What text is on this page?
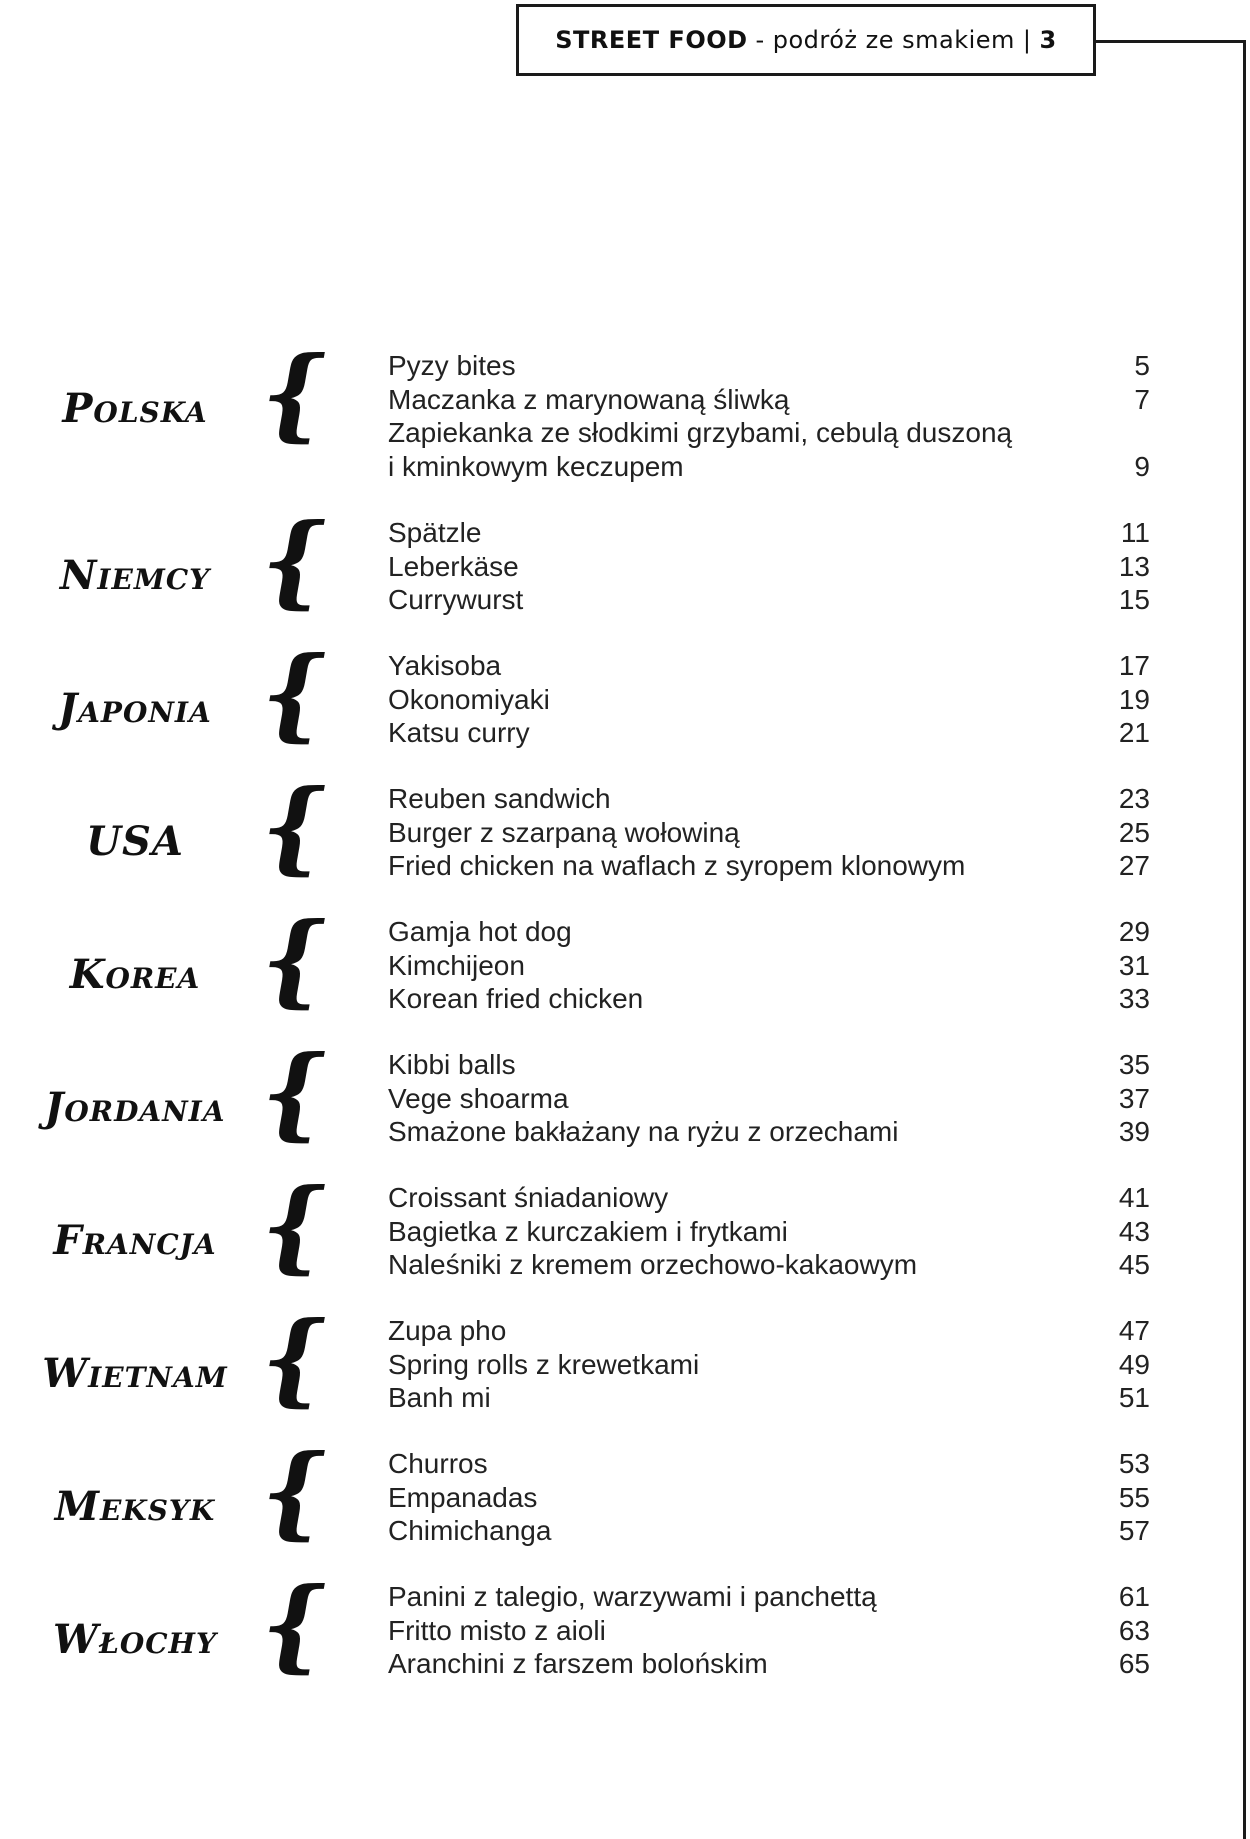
STREET FOOD - podróż ze smakiem | 3
Polska { Pyzy bites	5
Maczanka z marynowaną śliwką	7
Zapiekanka ze słodkimi grzybami, cebulą duszoną
i kminkowym keczupem	9
Niemcy { Spätzle	11
Leberkäse	13
Currywurst	15
Japonia { Yakisoba	17
Okonomiyaki	19
Katsu curry	21
USA { Reuben sandwich	23
Burger z szarpaną wołowiną	25
Fried chicken na waflach z syropem klonowym	27
Korea { Gamja hot dog	29
Kimchijeon	31
Korean fried chicken	33
Jordania { Kibbi balls	35
Vege shoarma	37
Smażone bakłażany na ryżu z orzechami	39
Francja { Croissant śniadaniowy	41
Bagietka z kurczakiem i frytkami	43
Naleśniki z kremem orzechowo-kakaowym	45
Wietnam { Zupa pho	47
Spring rolls z krewetkami	49
Banh mi	51
Meksyk { Churros	53
Empanadas	55
Chimichanga	57
Włochy { Panini z talegio, warzywami i panchettą	61
Fritto misto z aioli	63
Aranchini z farszem bolońskim	65
